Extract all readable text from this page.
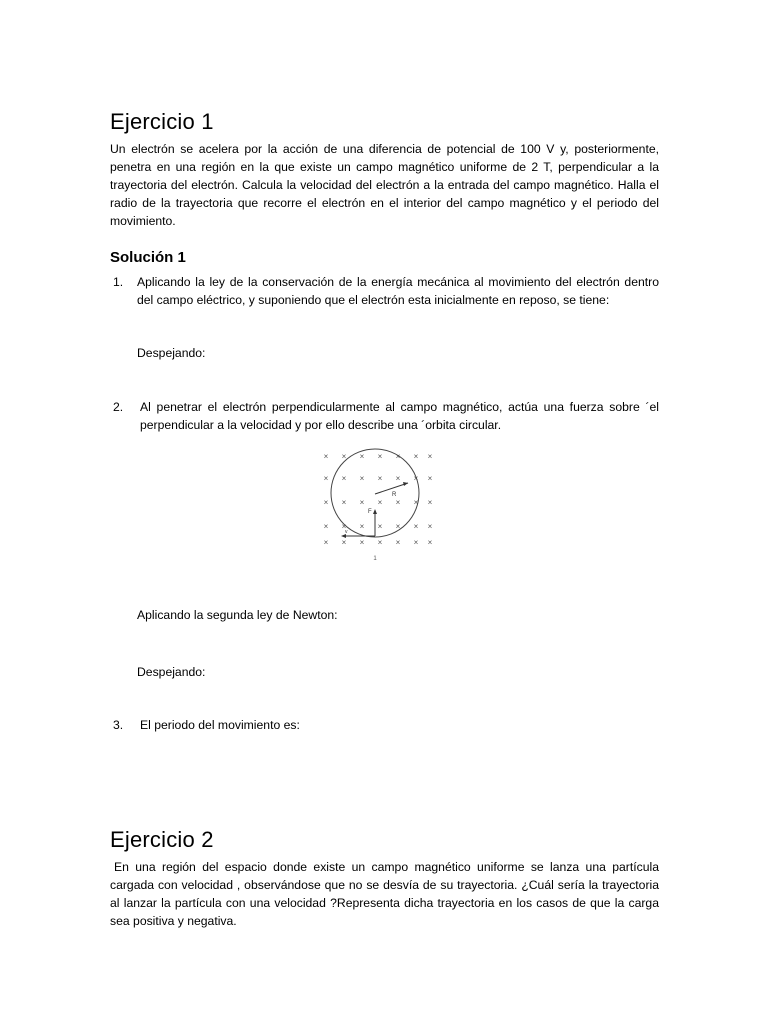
Ejercicio 1
Un electrón se acelera por la acción de una diferencia de potencial de 100 V y, posteriormente, penetra en una región en la que existe un campo magnético uniforme de 2 T, perpendicular a la trayectoria del electrón. Calcula la velocidad del electrón a la entrada del campo magnético. Halla el radio de la trayectoria que recorre el electrón en el interior del campo magnético y el periodo del movimiento.
Solución 1
1. Aplicando la ley de la conservación de la energía mecánica al movimiento del electrón dentro del campo eléctrico, y suponiendo que el electrón esta inicialmente en reposo, se tiene:
Despejando:
2. Al penetrar el electrón perpendicularmente al campo magnético, actúa una fuerza sobre ´el perpendicular a la velocidad y por ello describe una ´orbita circular.
× × × × × × ×
× × × × × × ×
× × × × × × ×
× × × × × × ×
× × × × × × ×
R
F
v
1
Aplicando la segunda ley de Newton:
Despejando:
3. El periodo del movimiento es:
Ejercicio 2
En una región del espacio donde existe un campo magnético uniforme se lanza una partícula cargada con velocidad , observándose que no se desvía de su trayectoria. ¿Cuál sería la trayectoria al lanzar la partícula con una velocidad ?Representa dicha trayectoria en los casos de que la carga sea positiva y negativa.
